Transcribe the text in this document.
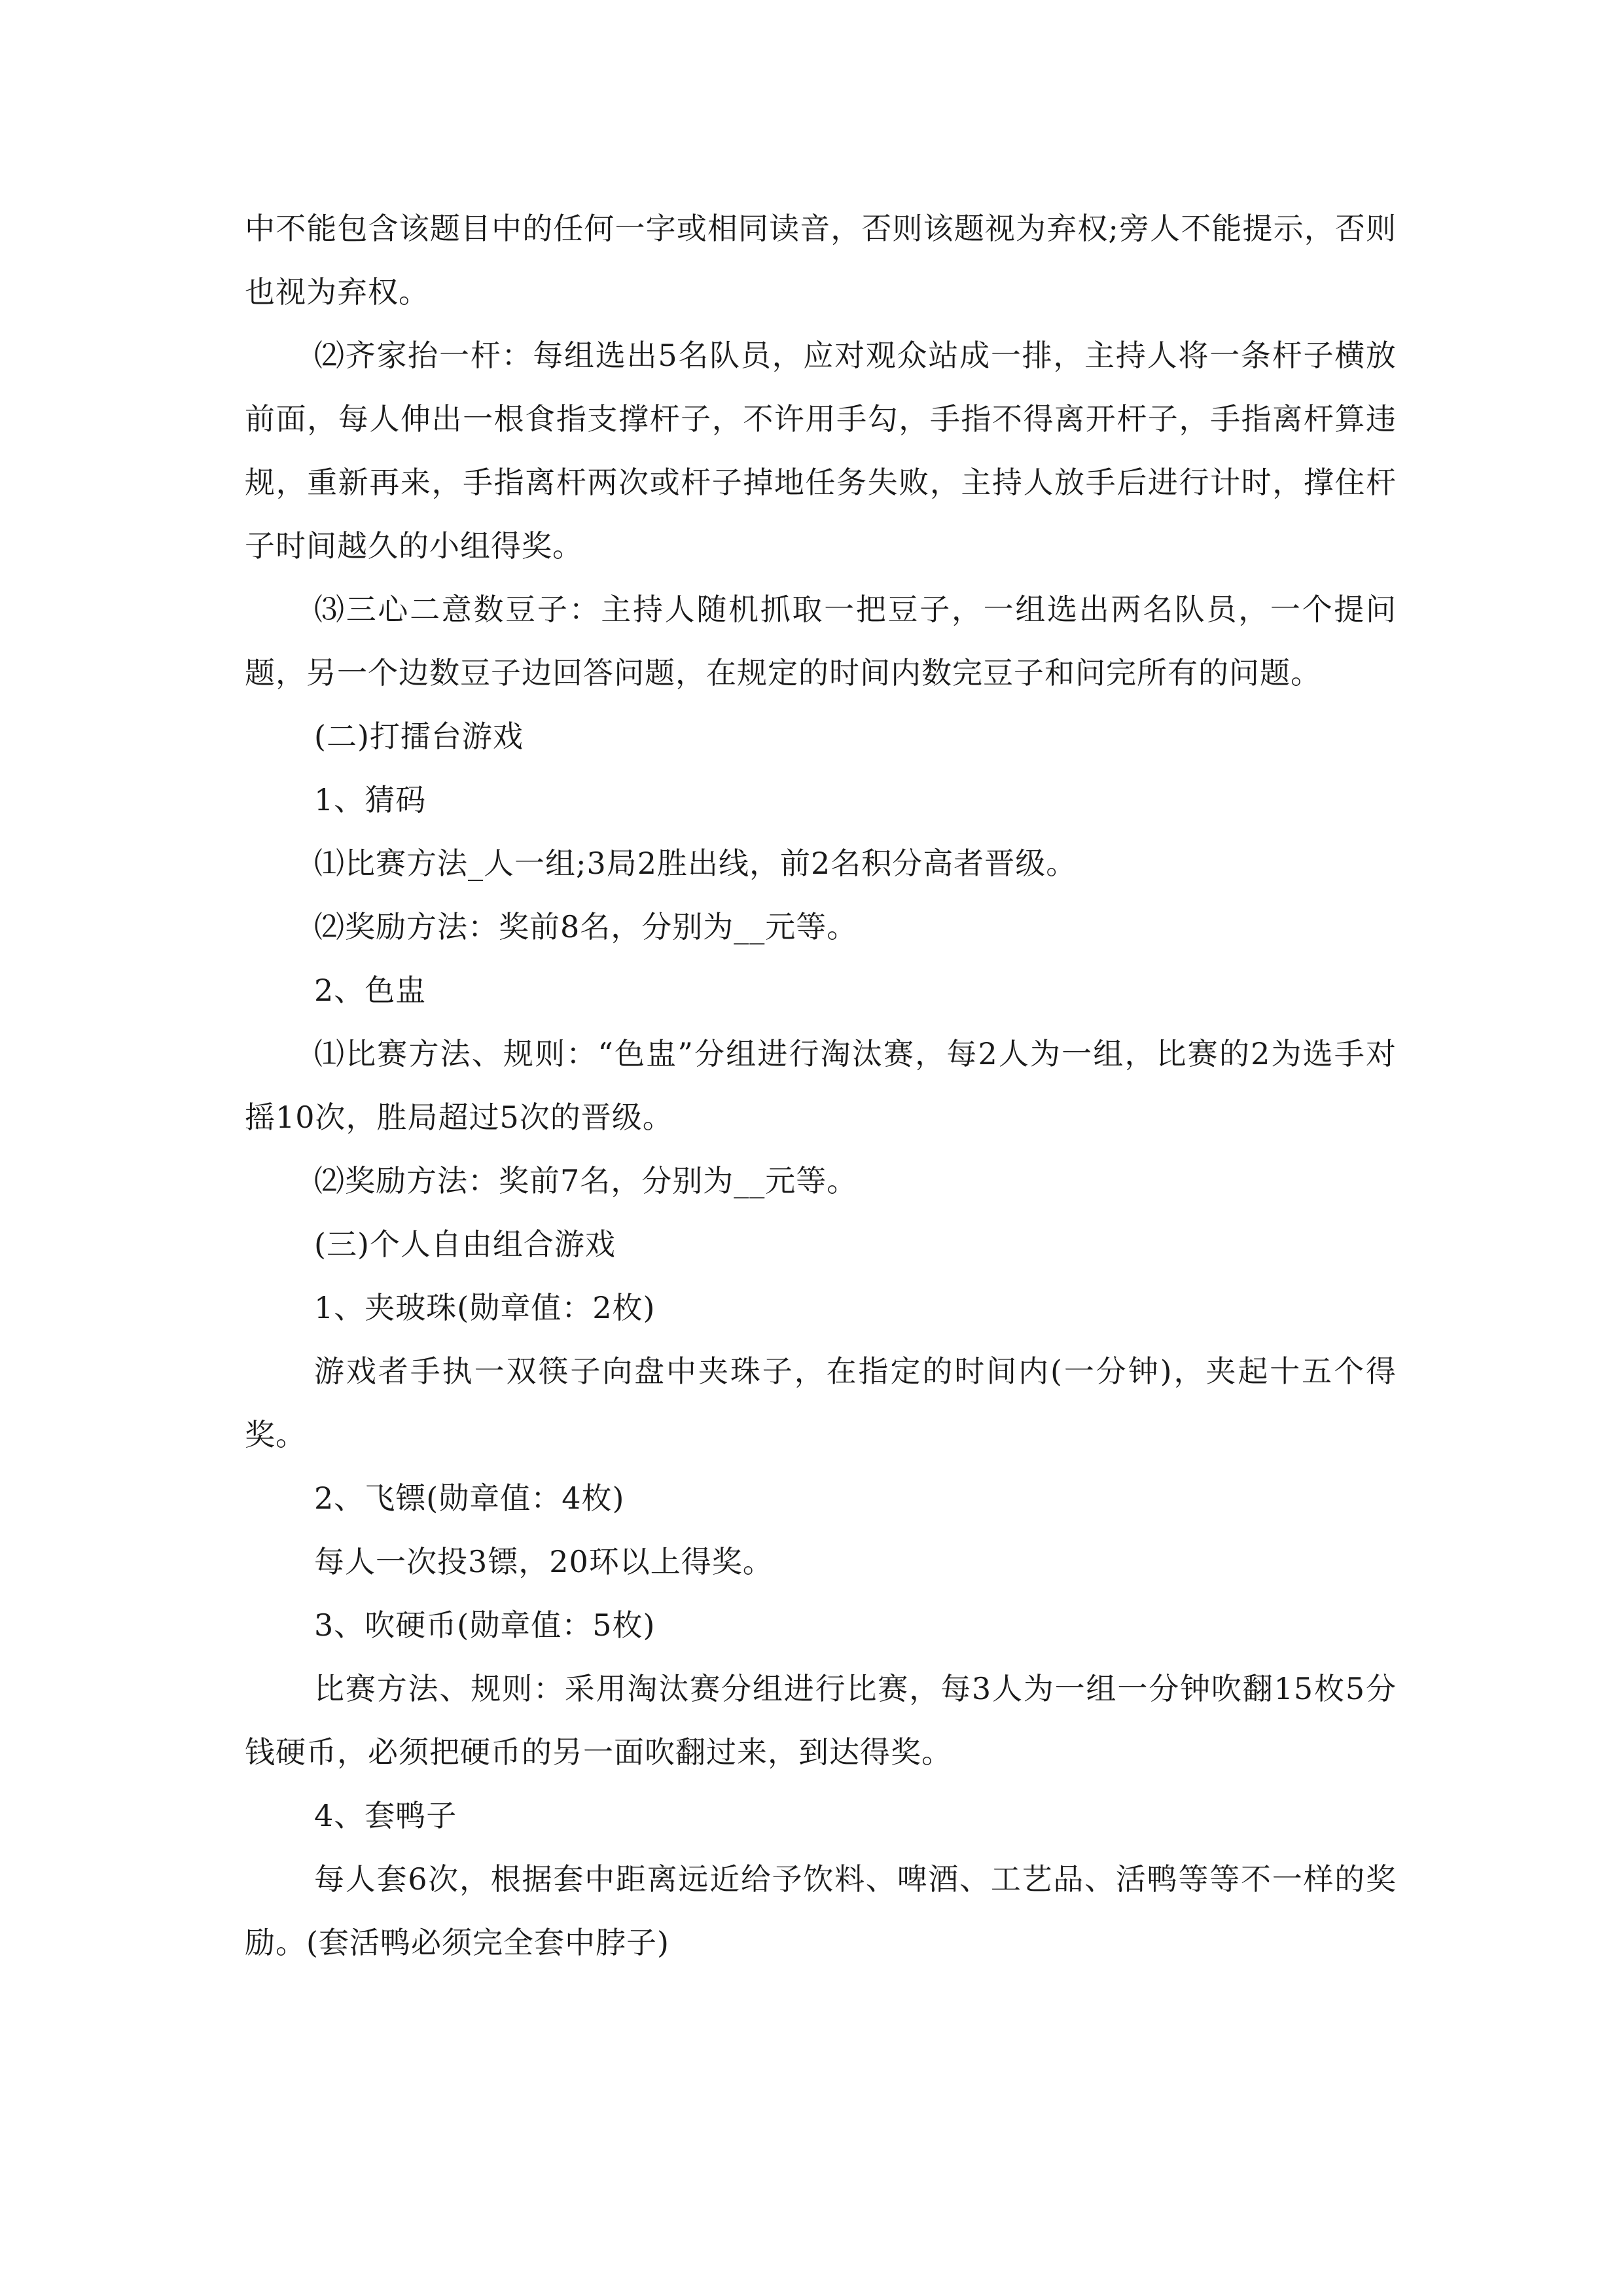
中不能包含该题目中的任何一字或相同读音，否则该题视为弃权;旁人不能提示，否则也视为弃权。

⑵齐家抬一杆：每组选出5名队员，应对观众站成一排，主持人将一条杆子横放前面，每人伸出一根食指支撑杆子，不许用手勾，手指不得离开杆子，手指离杆算违规，重新再来，手指离杆两次或杆子掉地任务失败，主持人放手后进行计时，撑住杆子时间越久的小组得奖。

⑶三心二意数豆子：主持人随机抓取一把豆子，一组选出两名队员，一个提问题，另一个边数豆子边回答问题，在规定的时间内数完豆子和问完所有的问题。

(二)打擂台游戏

1、猜码

⑴比赛方法_人一组;3局2胜出线，前2名积分高者晋级。

⑵奖励方法：奖前8名，分别为__元等。

2、色盅

⑴比赛方法、规则：“色盅”分组进行淘汰赛，每2人为一组，比赛的2为选手对摇10次，胜局超过5次的晋级。

⑵奖励方法：奖前7名，分别为__元等。

(三)个人自由组合游戏

1、夹玻珠(勋章值：2枚)

游戏者手执一双筷子向盘中夹珠子，在指定的时间内(一分钟)，夹起十五个得奖。

2、飞镖(勋章值：4枚)

每人一次投3镖，20环以上得奖。

3、吹硬币(勋章值：5枚)

比赛方法、规则：采用淘汰赛分组进行比赛，每3人为一组一分钟吹翻15枚5分钱硬币，必须把硬币的另一面吹翻过来，到达得奖。

4、套鸭子

每人套6次，根据套中距离远近给予饮料、啤酒、工艺品、活鸭等等不一样的奖励。(套活鸭必须完全套中脖子)
